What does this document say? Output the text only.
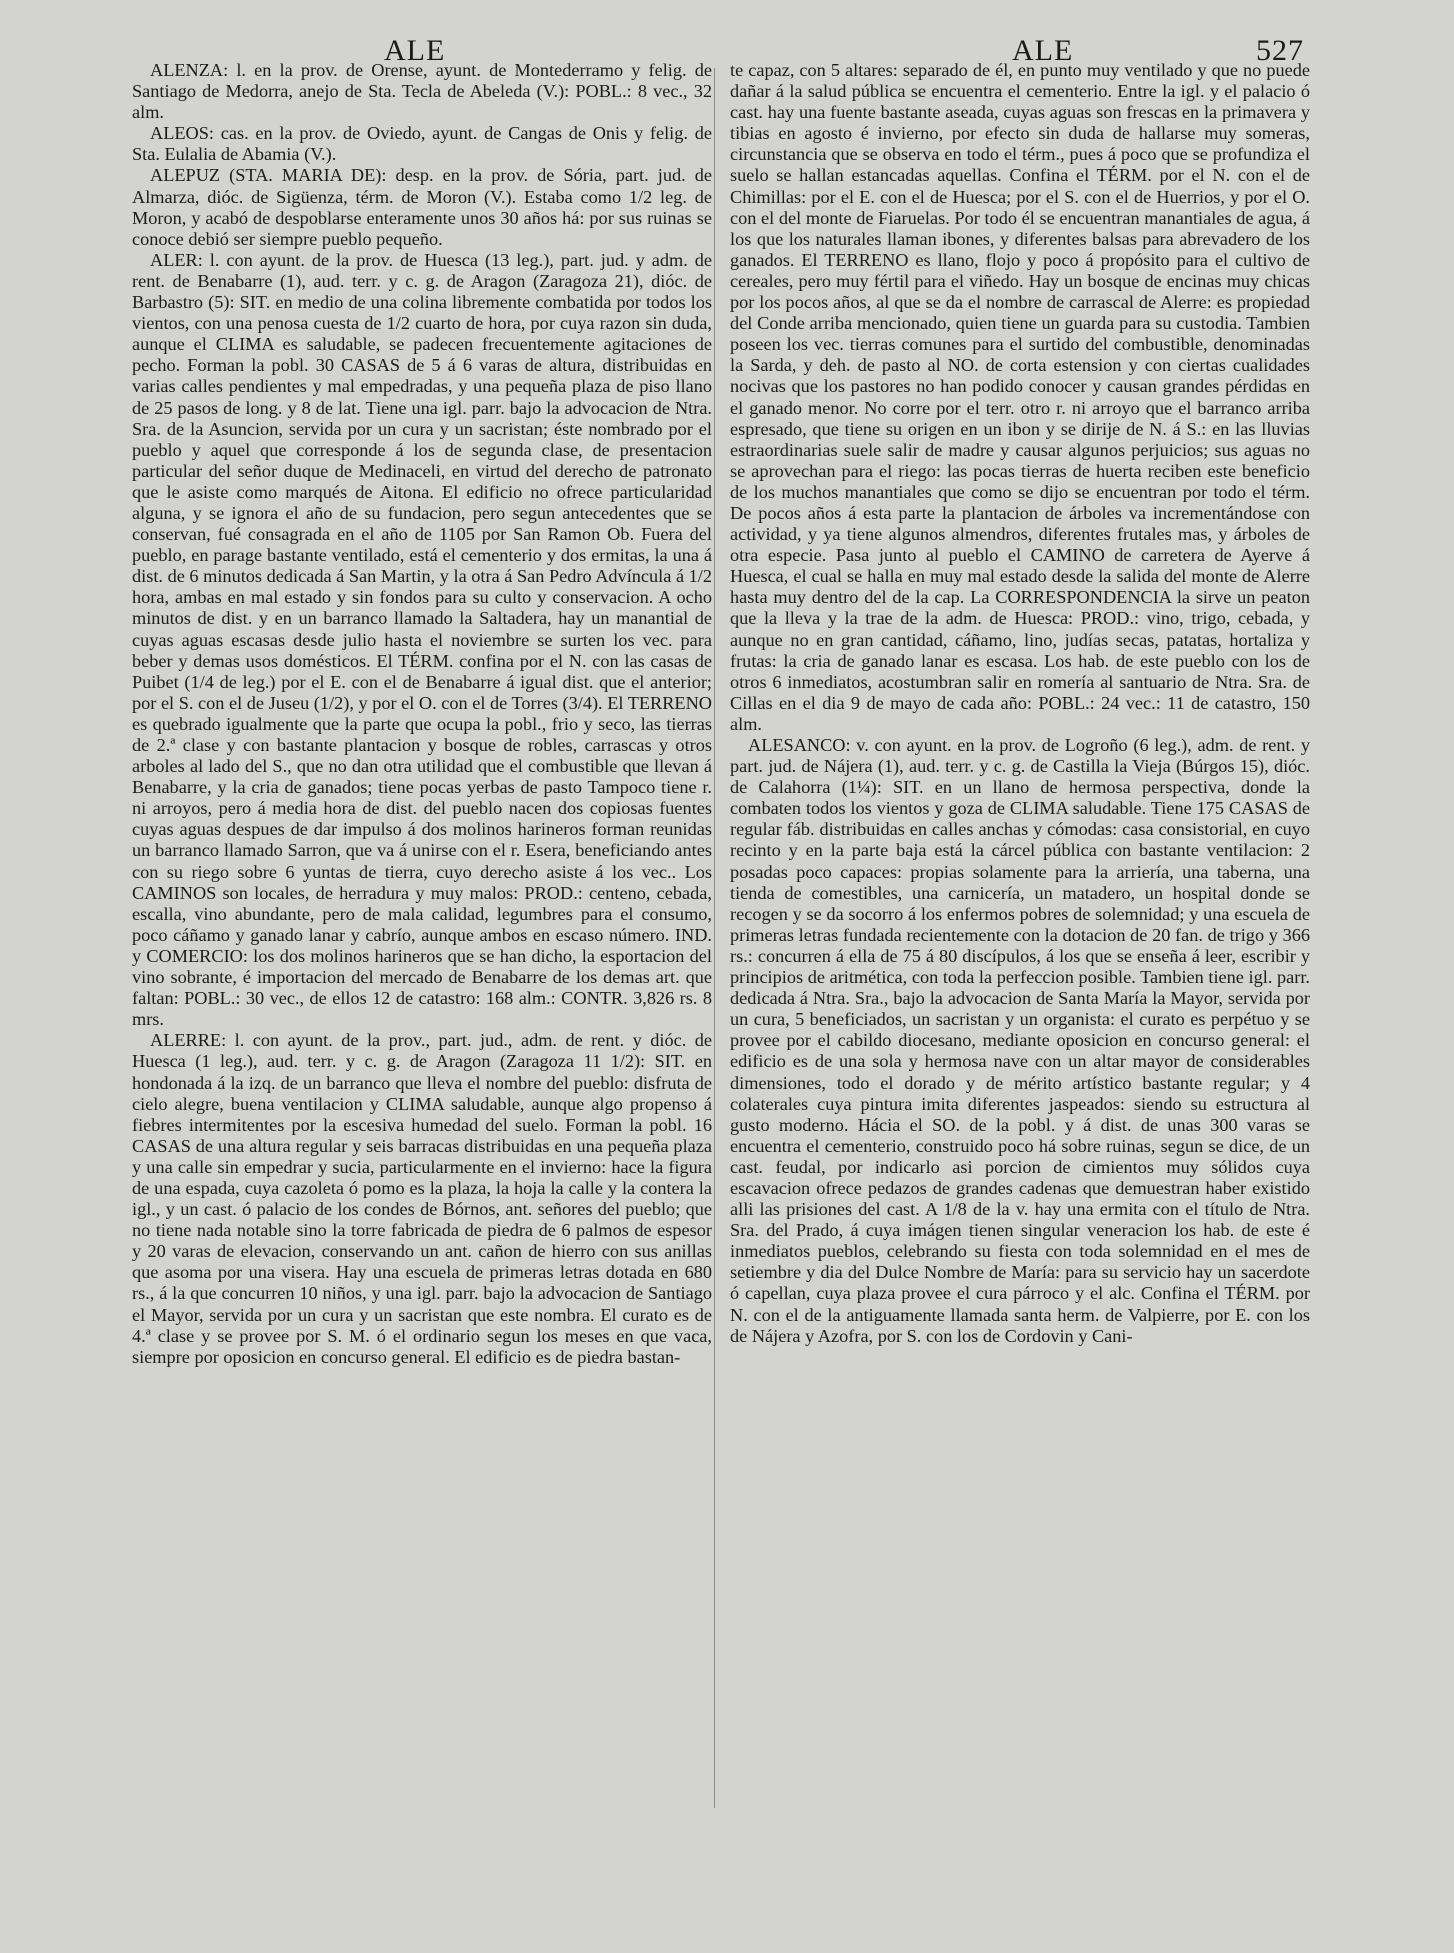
ALE	ALE	527

ALENZA: l. en la prov. de Orense, ayunt. de Montederramo y felig. de Santiago de Medorra, anejo de Sta. Tecla de Abeleda (V.): POBL.: 8 vec., 32 alm.

ALEOS: cas. en la prov. de Oviedo, ayunt. de Cangas de Onis y felig. de Sta. Eulalia de Abamia (V.).

ALEPUZ (STA. MARIA DE): desp. en la prov. de Sória, part. jud. de Almarza, dióc. de Sigüenza, térm. de Moron (V.). Estaba como 1/2 leg. de Moron, y acabó de despoblarse enteramente unos 30 años há: por sus ruinas se conoce debió ser siempre pueblo pequeño.

ALER: l. con ayunt. de la prov. de Huesca (13 leg.), part. jud. y adm. de rent. de Benabarre (1), aud. terr. y c. g. de Aragon (Zaragoza 21), dióc. de Barbastro (5): SIT. en medio de una colina libremente combatida por todos los vientos, con una penosa cuesta de 1/2 cuarto de hora, por cuya razon sin duda, aunque el CLIMA es saludable, se padecen frecuentemente agitaciones de pecho. Forman la pobl. 30 CASAS de 5 á 6 varas de altura, distribuidas en varias calles pendientes y mal empedradas, y una pequeña plaza de piso llano de 25 pasos de long. y 8 de lat. Tiene una igl. parr. bajo la advocacion de Ntra. Sra. de la Asuncion, servida por un cura y un sacristan; éste nombrado por el pueblo y aquel que corresponde á los de segunda clase, de presentacion particular del señor duque de Medinaceli, en virtud del derecho de patronato que le asiste como marqués de Aitona. El edificio no ofrece particularidad alguna, y se ignora el año de su fundacion, pero segun antecedentes que se conservan, fué consagrada en el año de 1105 por San Ramon Ob. Fuera del pueblo, en parage bastante ventilado, está el cementerio y dos ermitas, la una á dist. de 6 minutos dedicada á San Martin, y la otra á San Pedro Advíncula á 1/2 hora, ambas en mal estado y sin fondos para su culto y conservacion. A ocho minutos de dist. y en un barranco llamado la Saltadera, hay un manantial de cuyas aguas escasas desde julio hasta el noviembre se surten los vec. para beber y demas usos domésticos. El TÉRM. confina por el N. con las casas de Puibet (1/4 de leg.) por el E. con el de Benabarre á igual dist. que el anterior; por el S. con el de Juseu (1/2), y por el O. con el de Torres (3/4). El TERRENO es quebrado igualmente que la parte que ocupa la pobl., frio y seco, las tierras de 2.ª clase y con bastante plantacion y bosque de robles, carrascas y otros arboles al lado del S., que no dan otra utilidad que el combustible que llevan á Benabarre, y la cria de ganados; tiene pocas yerbas de pasto Tampoco tiene r. ni arroyos, pero á media hora de dist. del pueblo nacen dos copiosas fuentes cuyas aguas despues de dar impulso á dos molinos harineros forman reunidas un barranco llamado Sarron, que va á unirse con el r. Esera, beneficiando antes con su riego sobre 6 yuntas de tierra, cuyo derecho asiste á los vec.. Los CAMINOS son locales, de herradura y muy malos: PROD.: centeno, cebada, escalla, vino abundante, pero de mala calidad, legumbres para el consumo, poco cáñamo y ganado lanar y cabrío, aunque ambos en escaso número. IND. y COMERCIO: los dos molinos harineros que se han dicho, la esportacion del vino sobrante, é importacion del mercado de Benabarre de los demas art. que faltan: POBL.: 30 vec., de ellos 12 de catastro: 168 alm.: CONTR. 3,826 rs. 8 mrs.

ALERRE: l. con ayunt. de la prov., part. jud., adm. de rent. y dióc. de Huesca (1 leg.), aud. terr. y c. g. de Aragon (Zaragoza 11 1/2): SIT. en hondonada á la izq. de un barranco que lleva el nombre del pueblo: disfruta de cielo alegre, buena ventilacion y CLIMA saludable, aunque algo propenso á fiebres intermitentes por la escesiva humedad del suelo. Forman la pobl. 16 CASAS de una altura regular y seis barracas distribuidas en una pequeña plaza y una calle sin empedrar y sucia, particularmente en el invierno: hace la figura de una espada, cuya cazoleta ó pomo es la plaza, la hoja la calle y la contera la igl., y un cast. ó palacio de los condes de Bórnos, ant. señores del pueblo; que no tiene nada notable sino la torre fabricada de piedra de 6 palmos de espesor y 20 varas de elevacion, conservando un ant. cañon de hierro con sus anillas que asoma por una visera. Hay una escuela de primeras letras dotada en 680 rs., á la que concurren 10 niños, y una igl. parr. bajo la advocacion de Santiago el Mayor, servida por un cura y un sacristan que este nombra. El curato es de 4.ª clase y se provee por S. M. ó el ordinario segun los meses en que vaca, siempre por oposicion en concurso general. El edificio es de piedra bastan-

te capaz, con 5 altares: separado de él, en punto muy ventilado y que no puede dañar á la salud pública se encuentra el cementerio. Entre la igl. y el palacio ó cast. hay una fuente bastante aseada, cuyas aguas son frescas en la primavera y tibias en agosto é invierno, por efecto sin duda de hallarse muy someras, circunstancia que se observa en todo el térm., pues á poco que se profundiza el suelo se hallan estancadas aquellas. Confina el TÉRM. por el N. con el de Chimillas: por el E. con el de Huesca; por el S. con el de Huerrios, y por el O. con el del monte de Fiaruelas. Por todo él se encuentran manantiales de agua, á los que los naturales llaman ibones, y diferentes balsas para abrevadero de los ganados. El TERRENO es llano, flojo y poco á propósito para el cultivo de cereales, pero muy fértil para el viñedo. Hay un bosque de encinas muy chicas por los pocos años, al que se da el nombre de carrascal de Alerre: es propiedad del Conde arriba mencionado, quien tiene un guarda para su custodia. Tambien poseen los vec. tierras comunes para el surtido del combustible, denominadas la Sarda, y deh. de pasto al NO. de corta estension y con ciertas cualidades nocivas que los pastores no han podido conocer y causan grandes pérdidas en el ganado menor. No corre por el terr. otro r. ni arroyo que el barranco arriba espresado, que tiene su origen en un ibon y se dirije de N. á S.: en las lluvias estraordinarias suele salir de madre y causar algunos perjuicios; sus aguas no se aprovechan para el riego: las pocas tierras de huerta reciben este beneficio de los muchos manantiales que como se dijo se encuentran por todo el térm. De pocos años á esta parte la plantacion de árboles va incrementándose con actividad, y ya tiene algunos almendros, diferentes frutales mas, y árboles de otra especie. Pasa junto al pueblo el CAMINO de carretera de Ayerve á Huesca, el cual se halla en muy mal estado desde la salida del monte de Alerre hasta muy dentro del de la cap. La CORRESPONDENCIA la sirve un peaton que la lleva y la trae de la adm. de Huesca: PROD.: vino, trigo, cebada, y aunque no en gran cantidad, cáñamo, lino, judías secas, patatas, hortaliza y frutas: la cria de ganado lanar es escasa. Los hab. de este pueblo con los de otros 6 inmediatos, acostumbran salir en romería al santuario de Ntra. Sra. de Cillas en el dia 9 de mayo de cada año: POBL.: 24 vec.: 11 de catastro, 150 alm.

ALESANCO: v. con ayunt. en la prov. de Logroño (6 leg.), adm. de rent. y part. jud. de Nájera (1), aud. terr. y c. g. de Castilla la Vieja (Búrgos 15), dióc. de Calahorra (1¼): SIT. en un llano de hermosa perspectiva, donde la combaten todos los vientos y goza de CLIMA saludable. Tiene 175 CASAS de regular fáb. distribuidas en calles anchas y cómodas: casa consistorial, en cuyo recinto y en la parte baja está la cárcel pública con bastante ventilacion: 2 posadas poco capaces: propias solamente para la arriería, una taberna, una tienda de comestibles, una carnicería, un matadero, un hospital donde se recogen y se da socorro á los enfermos pobres de solemnidad; y una escuela de primeras letras fundada recientemente con la dotacion de 20 fan. de trigo y 366 rs.: concurren á ella de 75 á 80 discípulos, á los que se enseña á leer, escribir y principios de aritmética, con toda la perfeccion posible. Tambien tiene igl. parr. dedicada á Ntra. Sra., bajo la advocacion de Santa María la Mayor, servida por un cura, 5 beneficiados, un sacristan y un organista: el curato es perpétuo y se provee por el cabildo diocesano, mediante oposicion en concurso general: el edificio es de una sola y hermosa nave con un altar mayor de considerables dimensiones, todo el dorado y de mérito artístico bastante regular; y 4 colaterales cuya pintura imita diferentes jaspeados: siendo su estructura al gusto moderno. Hácia el SO. de la pobl. y á dist. de unas 300 varas se encuentra el cementerio, construido poco há sobre ruinas, segun se dice, de un cast. feudal, por indicarlo asi porcion de cimientos muy sólidos cuya escavacion ofrece pedazos de grandes cadenas que demuestran haber existido alli las prisiones del cast. A 1/8 de la v. hay una ermita con el título de Ntra. Sra. del Prado, á cuya imágen tienen singular veneracion los hab. de este é inmediatos pueblos, celebrando su fiesta con toda solemnidad en el mes de setiembre y dia del Dulce Nombre de María: para su servicio hay un sacerdote ó capellan, cuya plaza provee el cura párroco y el alc. Confina el TÉRM. por N. con el de la antiguamente llamada santa herm. de Valpierre, por E. con los de Nájera y Azofra, por S. con los de Cordovin y Cani-
